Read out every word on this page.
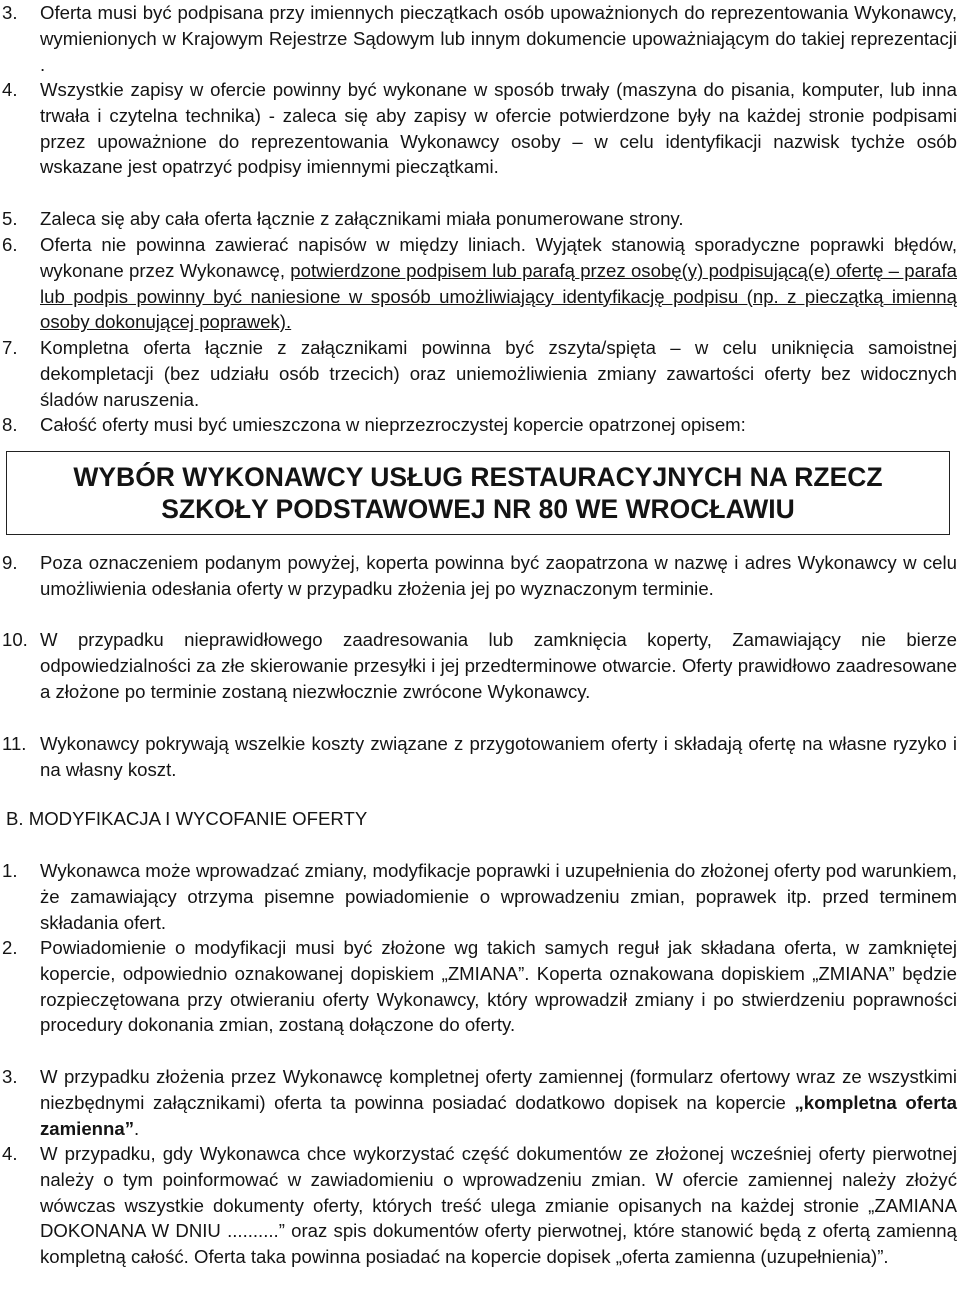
3. Oferta musi być podpisana przy imiennych pieczątkach osób upoważnionych do reprezentowania Wykonawcy, wymienionych w Krajowym Rejestrze Sądowym lub innym dokumencie upoważniającym do takiej reprezentacji .
4. Wszystkie zapisy w ofercie powinny być wykonane w sposób trwały (maszyna do pisania, komputer, lub inna trwała i czytelna technika) - zaleca się aby zapisy w ofercie potwierdzone były na każdej stronie podpisami przez upoważnione do reprezentowania Wykonawcy osoby – w celu identyfikacji nazwisk tychże osób wskazane jest opatrzyć podpisy imiennymi pieczątkami.
5. Zaleca się aby cała oferta łącznie z załącznikami miała ponumerowane strony.
6. Oferta nie powinna zawierać napisów w między liniach. Wyjątek stanowią sporadyczne poprawki błędów, wykonane przez Wykonawcę, potwierdzone podpisem lub parafą przez osobę(y) podpisującą(e) ofertę – parafa lub podpis powinny być naniesione w sposób umożliwiający identyfikację podpisu (np. z pieczątką imienną osoby dokonującej poprawek).
7. Kompletna oferta łącznie z załącznikami powinna być zszyta/spięta – w celu uniknięcia samoistnej dekompletacji (bez udziału osób trzecich) oraz uniemożliwienia zmiany zawartości oferty bez widocznych śladów naruszenia.
8. Całość oferty musi być umieszczona w nieprzezroczystej kopercie opatrzonej opisem:
WYBÓR WYKONAWCY USŁUG RESTAURACYJNYCH NA RZECZ
SZKOŁY PODSTAWOWEJ NR 80 WE WROCŁAWIU
9. Poza oznaczeniem podanym powyżej, koperta powinna być zaopatrzona w nazwę i adres Wykonawcy w celu umożliwienia odesłania oferty w przypadku złożenia jej po wyznaczonym terminie.
10. W przypadku nieprawidłowego zaadresowania lub zamknięcia koperty, Zamawiający nie bierze odpowiedzialności za złe skierowanie przesyłki i jej przedterminowe otwarcie. Oferty prawidłowo zaadresowane a złożone po terminie zostaną niezwłocznie zwrócone Wykonawcy.
11. Wykonawcy pokrywają wszelkie koszty związane z przygotowaniem oferty i składają ofertę na własne ryzyko i na własny koszt.
B. MODYFIKACJA I WYCOFANIE OFERTY
1. Wykonawca może wprowadzać zmiany, modyfikacje poprawki i uzupełnienia do złożonej oferty pod warunkiem, że zamawiający otrzyma pisemne powiadomienie o wprowadzeniu zmian, poprawek itp. przed terminem składania ofert.
2. Powiadomienie o modyfikacji musi być złożone wg takich samych reguł jak składana oferta, w zamkniętej kopercie, odpowiednio oznakowanej dopiskiem „ZMIANA”. Koperta oznakowana dopiskiem „ZMIANA” będzie rozpieczętowana przy otwieraniu oferty Wykonawcy, który wprowadził zmiany i po stwierdzeniu poprawności procedury dokonania zmian, zostaną dołączone do oferty.
3. W przypadku złożenia przez Wykonawcę kompletnej oferty zamiennej (formularz ofertowy wraz ze wszystkimi niezbędnymi załącznikami) oferta ta powinna posiadać dodatkowo dopisek na kopercie „kompletna oferta zamienna”.
4. W przypadku, gdy Wykonawca chce wykorzystać część dokumentów ze złożonej wcześniej oferty pierwotnej należy o tym poinformować w zawiadomieniu o wprowadzeniu zmian. W ofercie zamiennej należy złożyć wówczas wszystkie dokumenty oferty, których treść ulega zmianie opisanych na każdej stronie „ZAMIANA DOKONANA W DNIU ..........” oraz spis dokumentów oferty pierwotnej, które stanowić będą z ofertą zamienną kompletną całość. Oferta taka powinna posiadać na kopercie dopisek „oferta zamienna (uzupełnienia)”.
